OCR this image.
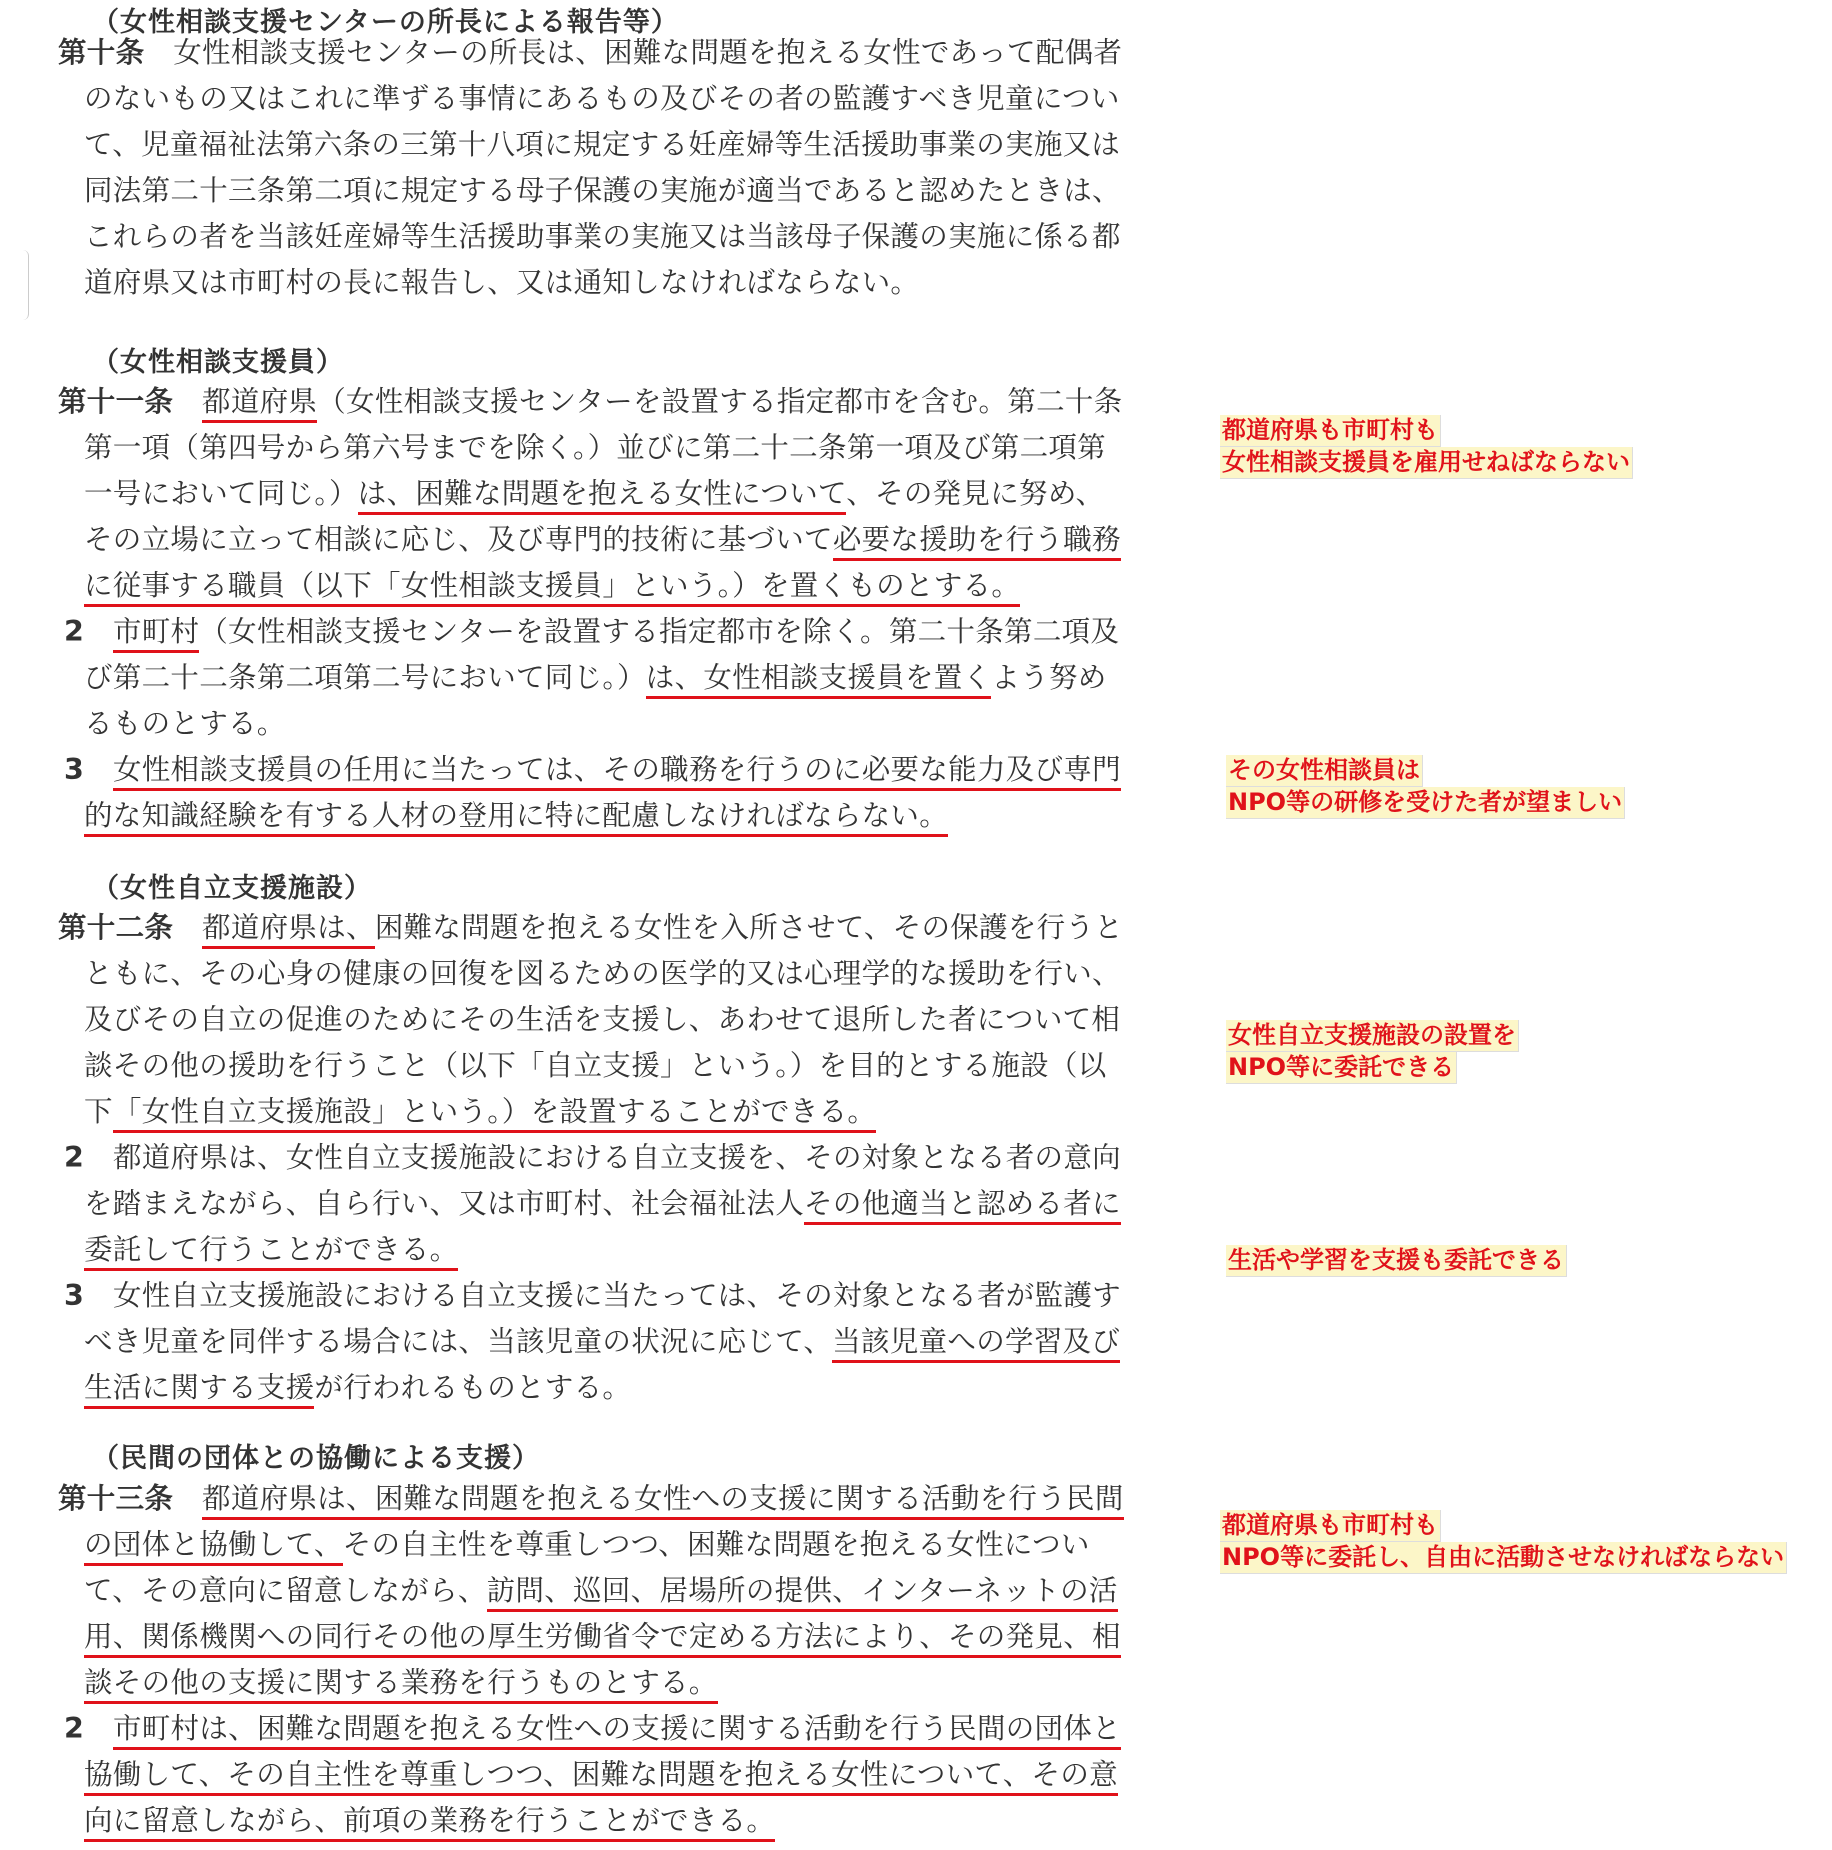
（女性相談支援センターの所長による報告等）
第十条　女性相談支援センターの所長は、困難な問題を抱える女性であって配偶者
のないもの又はこれに準ずる事情にあるもの及びその者の監護すべき児童につい
て、児童福祉法第六条の三第十八項に規定する妊産婦等生活援助事業の実施又は
同法第二十三条第二項に規定する母子保護の実施が適当であると認めたときは、
これらの者を当該妊産婦等生活援助事業の実施又は当該母子保護の実施に係る都
道府県又は市町村の長に報告し、又は通知しなければならない。
（女性相談支援員）
第十一条　 都道府県（女性相談支援センターを設置する指定都市を含む。第二十条
第一項（第四号から第六号までを除く。）並びに第二十二条第一項及び第二項第
一号において同じ。）は、困難な問題を抱える女性について、その発見に努め、
その立場に立って相談に応じ、及び専門的技術に基づいて必要な援助を行う職務
に従事する職員（以下「女性相談支援員」という。）を置くものとする。
2　 市町村（女性相談支援センターを設置する指定都市を除く。第二十条第二項及
び第二十二条第二項第二号において同じ。）は、女性相談支援員を置くよう努め
るものとする。
3　 女性相談支援員の任用に当たっては、その職務を行うのに必要な能力及び専門
的な知識経験を有する人材の登用に特に配慮しなければならない。
（女性自立支援施設）
第十二条　 都道府県は、困難な問題を抱える女性を入所させて、その保護を行うと
ともに、その心身の健康の回復を図るための医学的又は心理学的な援助を行い、
及びその自立の促進のためにその生活を支援し、あわせて退所した者について相
談その他の援助を行うこと（以下「自立支援」という。）を目的とする施設（以
下「女性自立支援施設」という。）を設置することができる。
2　都道府県は、女性自立支援施設における自立支援を、その対象となる者の意向
を踏まえながら、自ら行い、又は市町村、社会福祉法人その他適当と認める者に
委託して行うことができる。
3　女性自立支援施設における自立支援に当たっては、その対象となる者が監護す
べき児童を同伴する場合には、当該児童の状況に応じて、当該児童への学習及び
生活に関する支援が行われるものとする。
（民間の団体との協働による支援）
第十三条　 都道府県は、困難な問題を抱える女性への支援に関する活動を行う民間
の団体と協働して、その自主性を尊重しつつ、困難な問題を抱える女性につい
て、その意向に留意しながら、訪問、巡回、居場所の提供、インターネットの活
用、関係機関への同行その他の厚生労働省令で定める方法により、その発見、相
談その他の支援に関する業務を行うものとする。
2　 市町村は、困難な問題を抱える女性への支援に関する活動を行う民間の団体と
協働して、その自主性を尊重しつつ、困難な問題を抱える女性について、その意
向に留意しながら、前項の業務を行うことができる。
都道府県も市町村も
女性相談支援員を雇用せねばならない
その女性相談員は
NPO等の研修を受けた者が望ましい
女性自立支援施設の設置を
NPO等に委託できる
生活や学習を支援も委託できる
都道府県も市町村も
NPO等に委託し、自由に活動させなければならない
